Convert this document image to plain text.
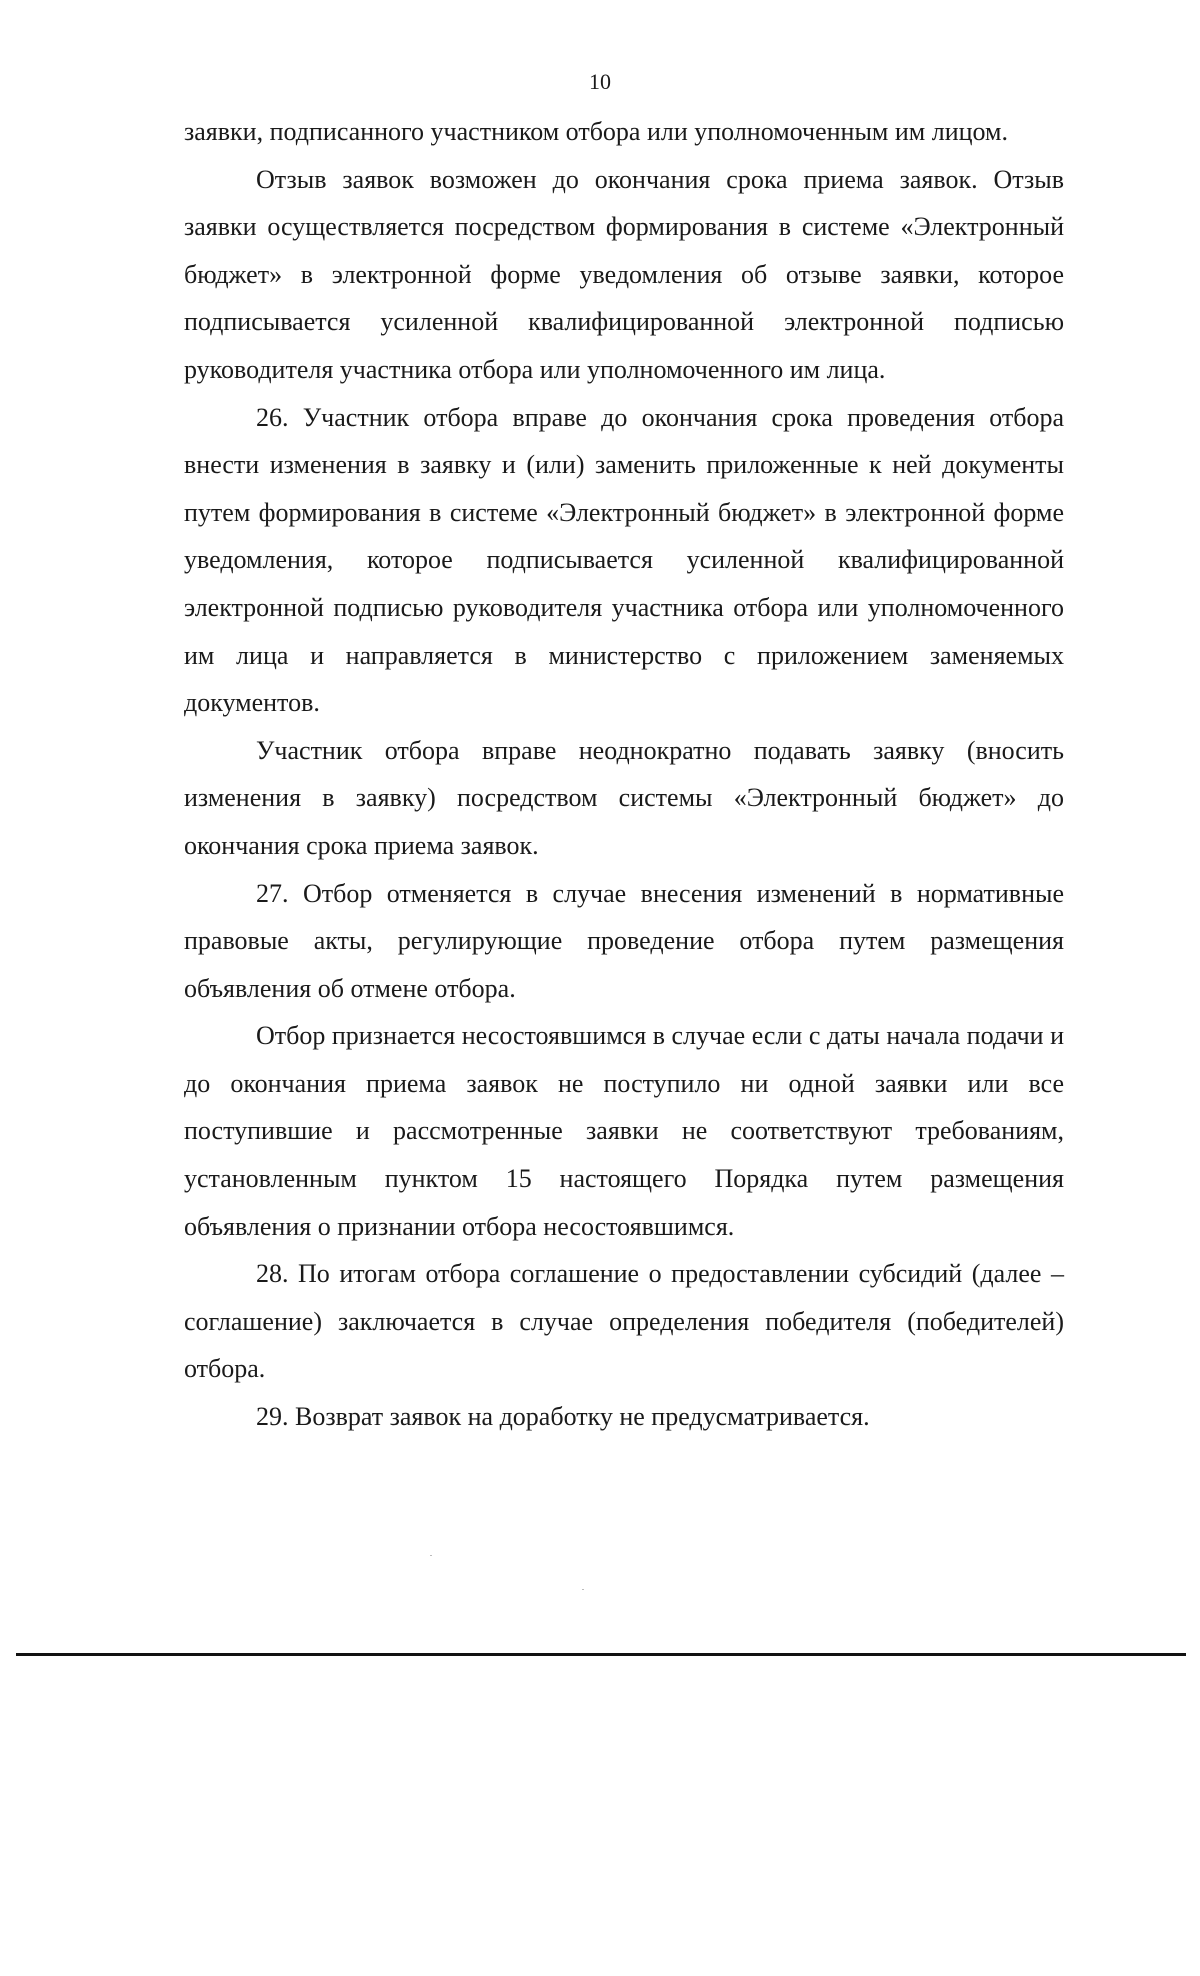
10

заявки, подписанного участником отбора или уполномоченным им лицом.

Отзыв заявок возможен до окончания срока приема заявок. Отзыв заявки осуществляется посредством формирования в системе «Электронный бюджет» в электронной форме уведомления об отзыве заявки, которое подписывается усиленной квалифицированной электронной подписью руководителя участника отбора или уполномоченного им лица.

26. Участник отбора вправе до окончания срока проведения отбора внести изменения в заявку и (или) заменить приложенные к ней документы путем формирования в системе «Электронный бюджет» в электронной форме уведомления, которое подписывается усиленной квалифицированной электронной подписью руководителя участника отбора или уполномоченного им лица и направляется в министерство с приложением заменяемых документов.

Участник отбора вправе неоднократно подавать заявку (вносить изменения в заявку) посредством системы «Электронный бюджет» до окончания срока приема заявок.

27. Отбор отменяется в случае внесения изменений в нормативные правовые акты, регулирующие проведение отбора путем размещения объявления об отмене отбора.

Отбор признается несостоявшимся в случае если с даты начала подачи и до окончания приема заявок не поступило ни одной заявки или все поступившие и рассмотренные заявки не соответствуют требованиям, установленным пунктом 15 настоящего Порядка путем размещения объявления о признании отбора несостоявшимся.

28. По итогам отбора соглашение о предоставлении субсидий (далее – соглашение) заключается в случае определения победителя (победителей) отбора.

29. Возврат заявок на доработку не предусматривается.
